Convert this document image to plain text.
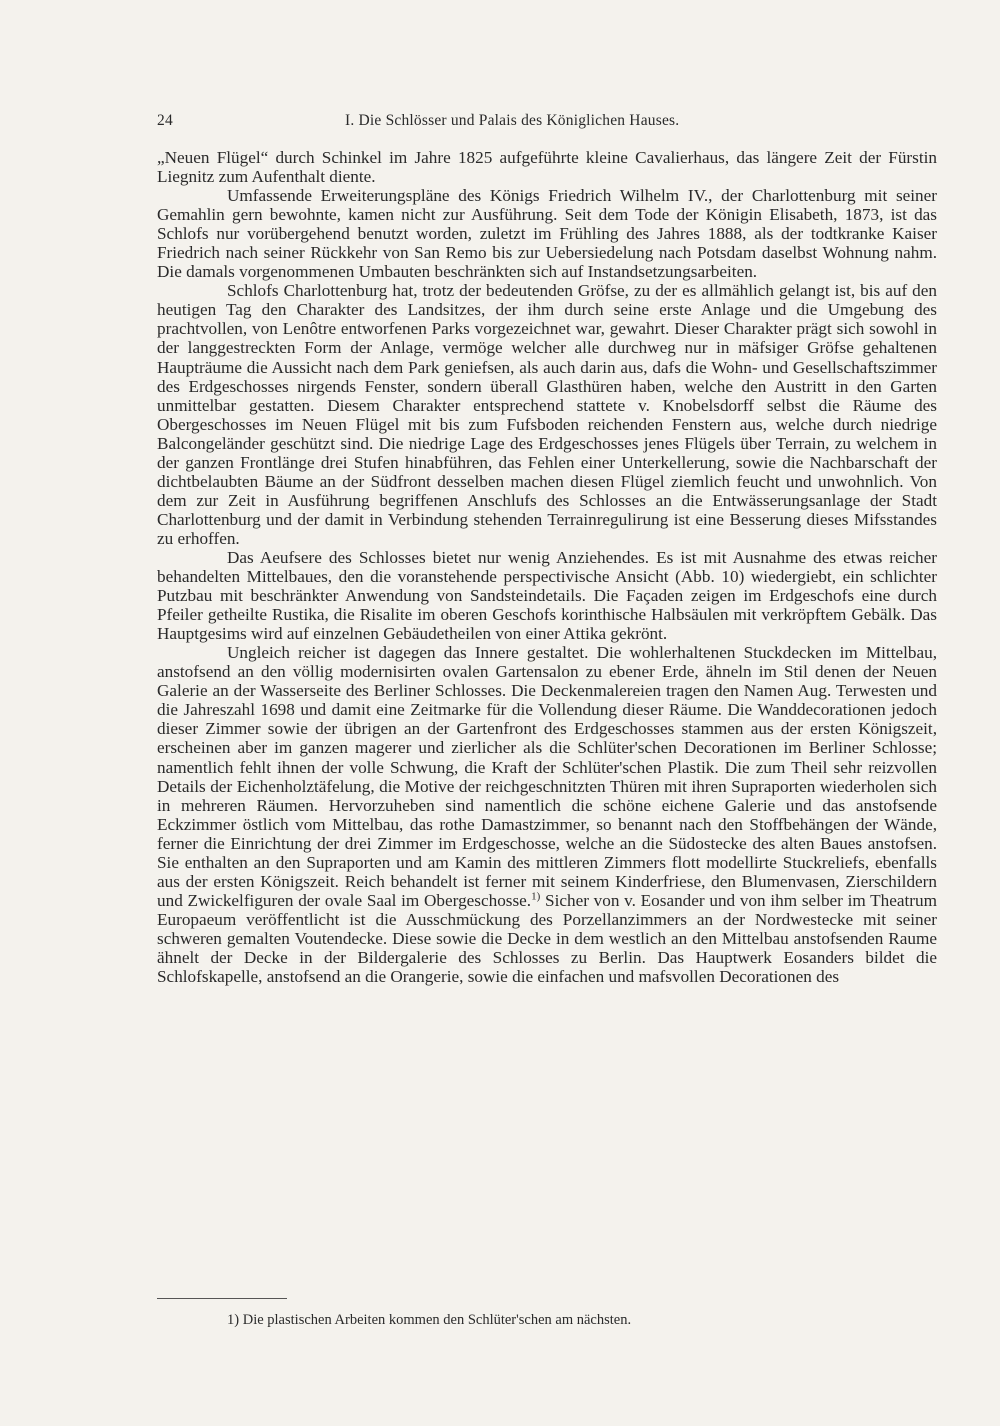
24	I. Die Schlösser und Palais des Königlichen Hauses.

„Neuen Flügel“ durch Schinkel im Jahre 1825 aufgeführte kleine Cavalierhaus, das längere Zeit der Fürstin Liegnitz zum Aufenthalt diente.

Umfassende Erweiterungspläne des Königs Friedrich Wilhelm IV., der Charlottenburg mit seiner Gemahlin gern bewohnte, kamen nicht zur Ausführung. Seit dem Tode der Königin Elisabeth, 1873, ist das Schlofs nur vorübergehend benutzt worden, zuletzt im Frühling des Jahres 1888, als der todtkranke Kaiser Friedrich nach seiner Rückkehr von San Remo bis zur Uebersiedelung nach Potsdam daselbst Wohnung nahm. Die damals vorgenommenen Umbauten beschränkten sich auf Instandsetzungsarbeiten.

Schlofs Charlottenburg hat, trotz der bedeutenden Gröfse, zu der es allmählich gelangt ist, bis auf den heutigen Tag den Charakter des Landsitzes, der ihm durch seine erste Anlage und die Umgebung des prachtvollen, von Lenôtre entworfenen Parks vorgezeichnet war, gewahrt. Dieser Charakter prägt sich sowohl in der langgestreckten Form der Anlage, vermöge welcher alle durchweg nur in mäfsiger Gröfse gehaltenen Haupträume die Aussicht nach dem Park geniefsen, als auch darin aus, dafs die Wohn- und Gesellschaftszimmer des Erdgeschosses nirgends Fenster, sondern überall Glasthüren haben, welche den Austritt in den Garten unmittelbar gestatten. Diesem Charakter entsprechend stattete v. Knobelsdorff selbst die Räume des Obergeschosses im Neuen Flügel mit bis zum Fufsboden reichenden Fenstern aus, welche durch niedrige Balcongeländer geschützt sind. Die niedrige Lage des Erdgeschosses jenes Flügels über Terrain, zu welchem in der ganzen Frontlänge drei Stufen hinabführen, das Fehlen einer Unterkellerung, sowie die Nachbarschaft der dichtbelaubten Bäume an der Südfront desselben machen diesen Flügel ziemlich feucht und unwohnlich. Von dem zur Zeit in Ausführung begriffenen Anschlufs des Schlosses an die Entwässerungsanlage der Stadt Charlottenburg und der damit in Verbindung stehenden Terrainregulirung ist eine Besserung dieses Mifsstandes zu erhoffen.

Das Aeufsere des Schlosses bietet nur wenig Anziehendes. Es ist mit Ausnahme des etwas reicher behandelten Mittelbaues, den die voranstehende perspectivische Ansicht (Abb. 10) wiedergiebt, ein schlichter Putzbau mit beschränkter Anwendung von Sandsteindetails. Die Façaden zeigen im Erdgeschofs eine durch Pfeiler getheilte Rustika, die Risalite im oberen Geschofs korinthische Halbsäulen mit verkröpftem Gebälk. Das Hauptgesims wird auf einzelnen Gebäudetheilen von einer Attika gekrönt.

Ungleich reicher ist dagegen das Innere gestaltet. Die wohlerhaltenen Stuckdecken im Mittelbau, anstofsend an den völlig modernisirten ovalen Gartensalon zu ebener Erde, ähneln im Stil denen der Neuen Galerie an der Wasserseite des Berliner Schlosses. Die Deckenmalereien tragen den Namen Aug. Terwesten und die Jahreszahl 1698 und damit eine Zeitmarke für die Vollendung dieser Räume. Die Wanddecorationen jedoch dieser Zimmer sowie der übrigen an der Gartenfront des Erdgeschosses stammen aus der ersten Königszeit, erscheinen aber im ganzen magerer und zierlicher als die Schlüter'schen Decorationen im Berliner Schlosse; namentlich fehlt ihnen der volle Schwung, die Kraft der Schlüter'schen Plastik. Die zum Theil sehr reizvollen Details der Eichenholztäfelung, die Motive der reichgeschnitzten Thüren mit ihren Supraporten wiederholen sich in mehreren Räumen. Hervorzuheben sind namentlich die schöne eichene Galerie und das anstofsende Eckzimmer östlich vom Mittelbau, das rothe Damastzimmer, so benannt nach den Stoffbehängen der Wände, ferner die Einrichtung der drei Zimmer im Erdgeschosse, welche an die Südostecke des alten Baues anstofsen. Sie enthalten an den Supraporten und am Kamin des mittleren Zimmers flott modellirte Stuckreliefs, ebenfalls aus der ersten Königszeit. Reich behandelt ist ferner mit seinem Kinderfriese, den Blumenvasen, Zierschildern und Zwickelfiguren der ovale Saal im Obergeschosse.$^{1)}$ Sicher von v. Eosander und von ihm selber im Theatrum Europaeum veröffentlicht ist die Ausschmückung des Porzellanzimmers an der Nordwestecke mit seiner schweren gemalten Voutendecke. Diese sowie die Decke in dem westlich an den Mittelbau anstofsenden Raume ähnelt der Decke in der Bildergalerie des Schlosses zu Berlin. Das Hauptwerk Eosanders bildet die Schlofskapelle, anstofsend an die Orangerie, sowie die einfachen und mafsvollen Decorationen des

1) Die plastischen Arbeiten kommen den Schlüter'schen am nächsten.
